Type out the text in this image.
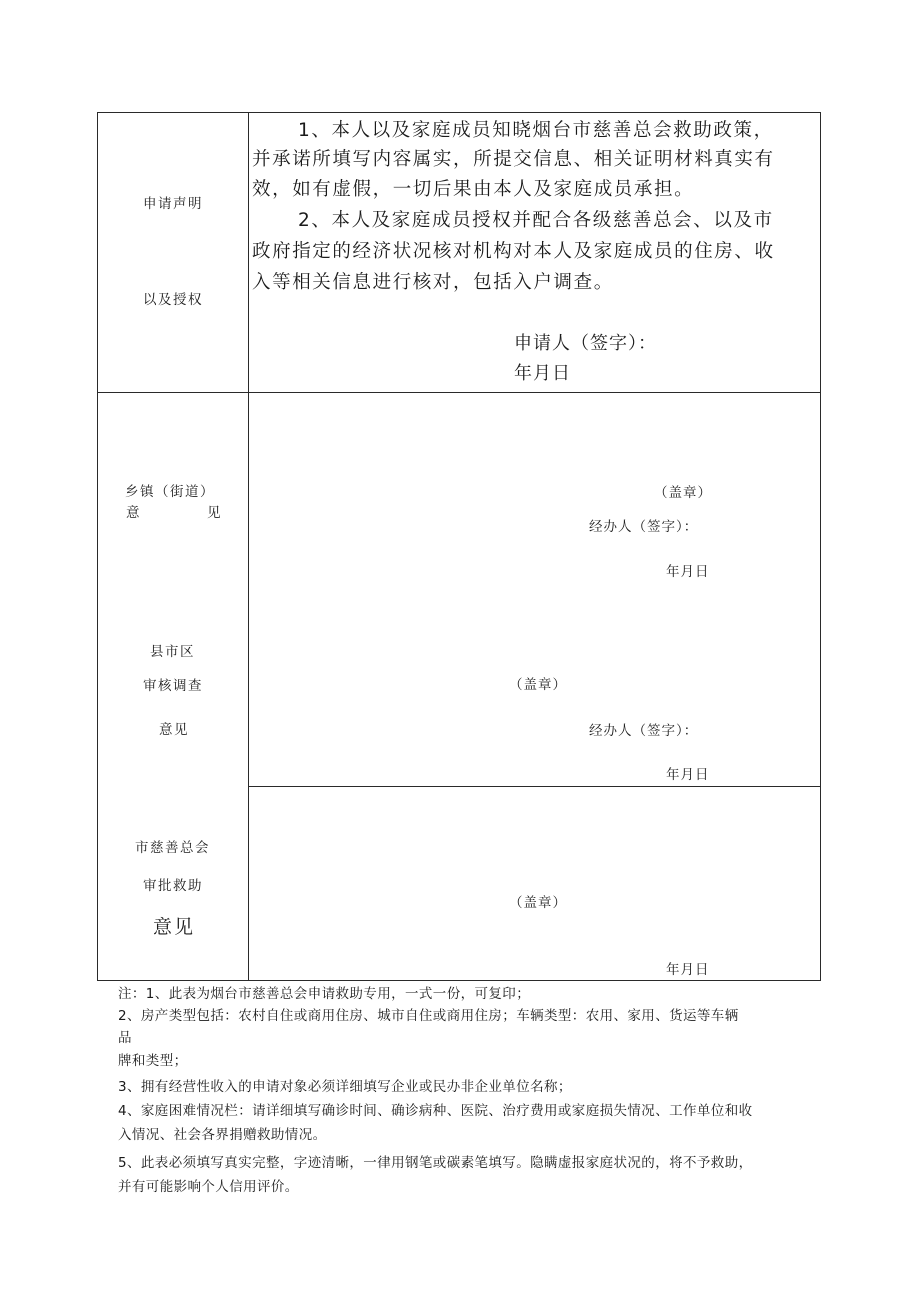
申请声明
以及授权
1、本人以及家庭成员知晓烟台市慈善总会救助政策，
并承诺所填写内容属实，所提交信息、相关证明材料真实有
效，如有虚假，一切后果由本人及家庭成员承担。
2、本人及家庭成员授权并配合各级慈善总会、以及市
政府指定的经济状况核对机构对本人及家庭成员的住房、收
入等相关信息进行核对，包括入户调查。
申请人（签字）：
年月日
乡镇（街道）
意	见
（盖章）
经办人（签字）：
年月日
县市区
审核调查
意见
（盖章）
经办人（签字）：
年月日
市慈善总会
审批救助
意见
（盖章）
年月日
注：1、此表为烟台市慈善总会申请救助专用，一式一份，可复印；
2、房产类型包括：农村自住或商用住房、城市自住或商用住房；车辆类型：农用、家用、货运等车辆
品
牌和类型；
3、拥有经营性收入的申请对象必须详细填写企业或民办非企业单位名称；
4、家庭困难情况栏：请详细填写确诊时间、确诊病种、医院、治疗费用或家庭损失情况、工作单位和收
入情况、社会各界捐赠救助情况。
5、此表必须填写真实完整，字迹清晰，一律用钢笔或碳素笔填写。隐瞒虚报家庭状况的，将不予救助，
并有可能影响个人信用评价。
